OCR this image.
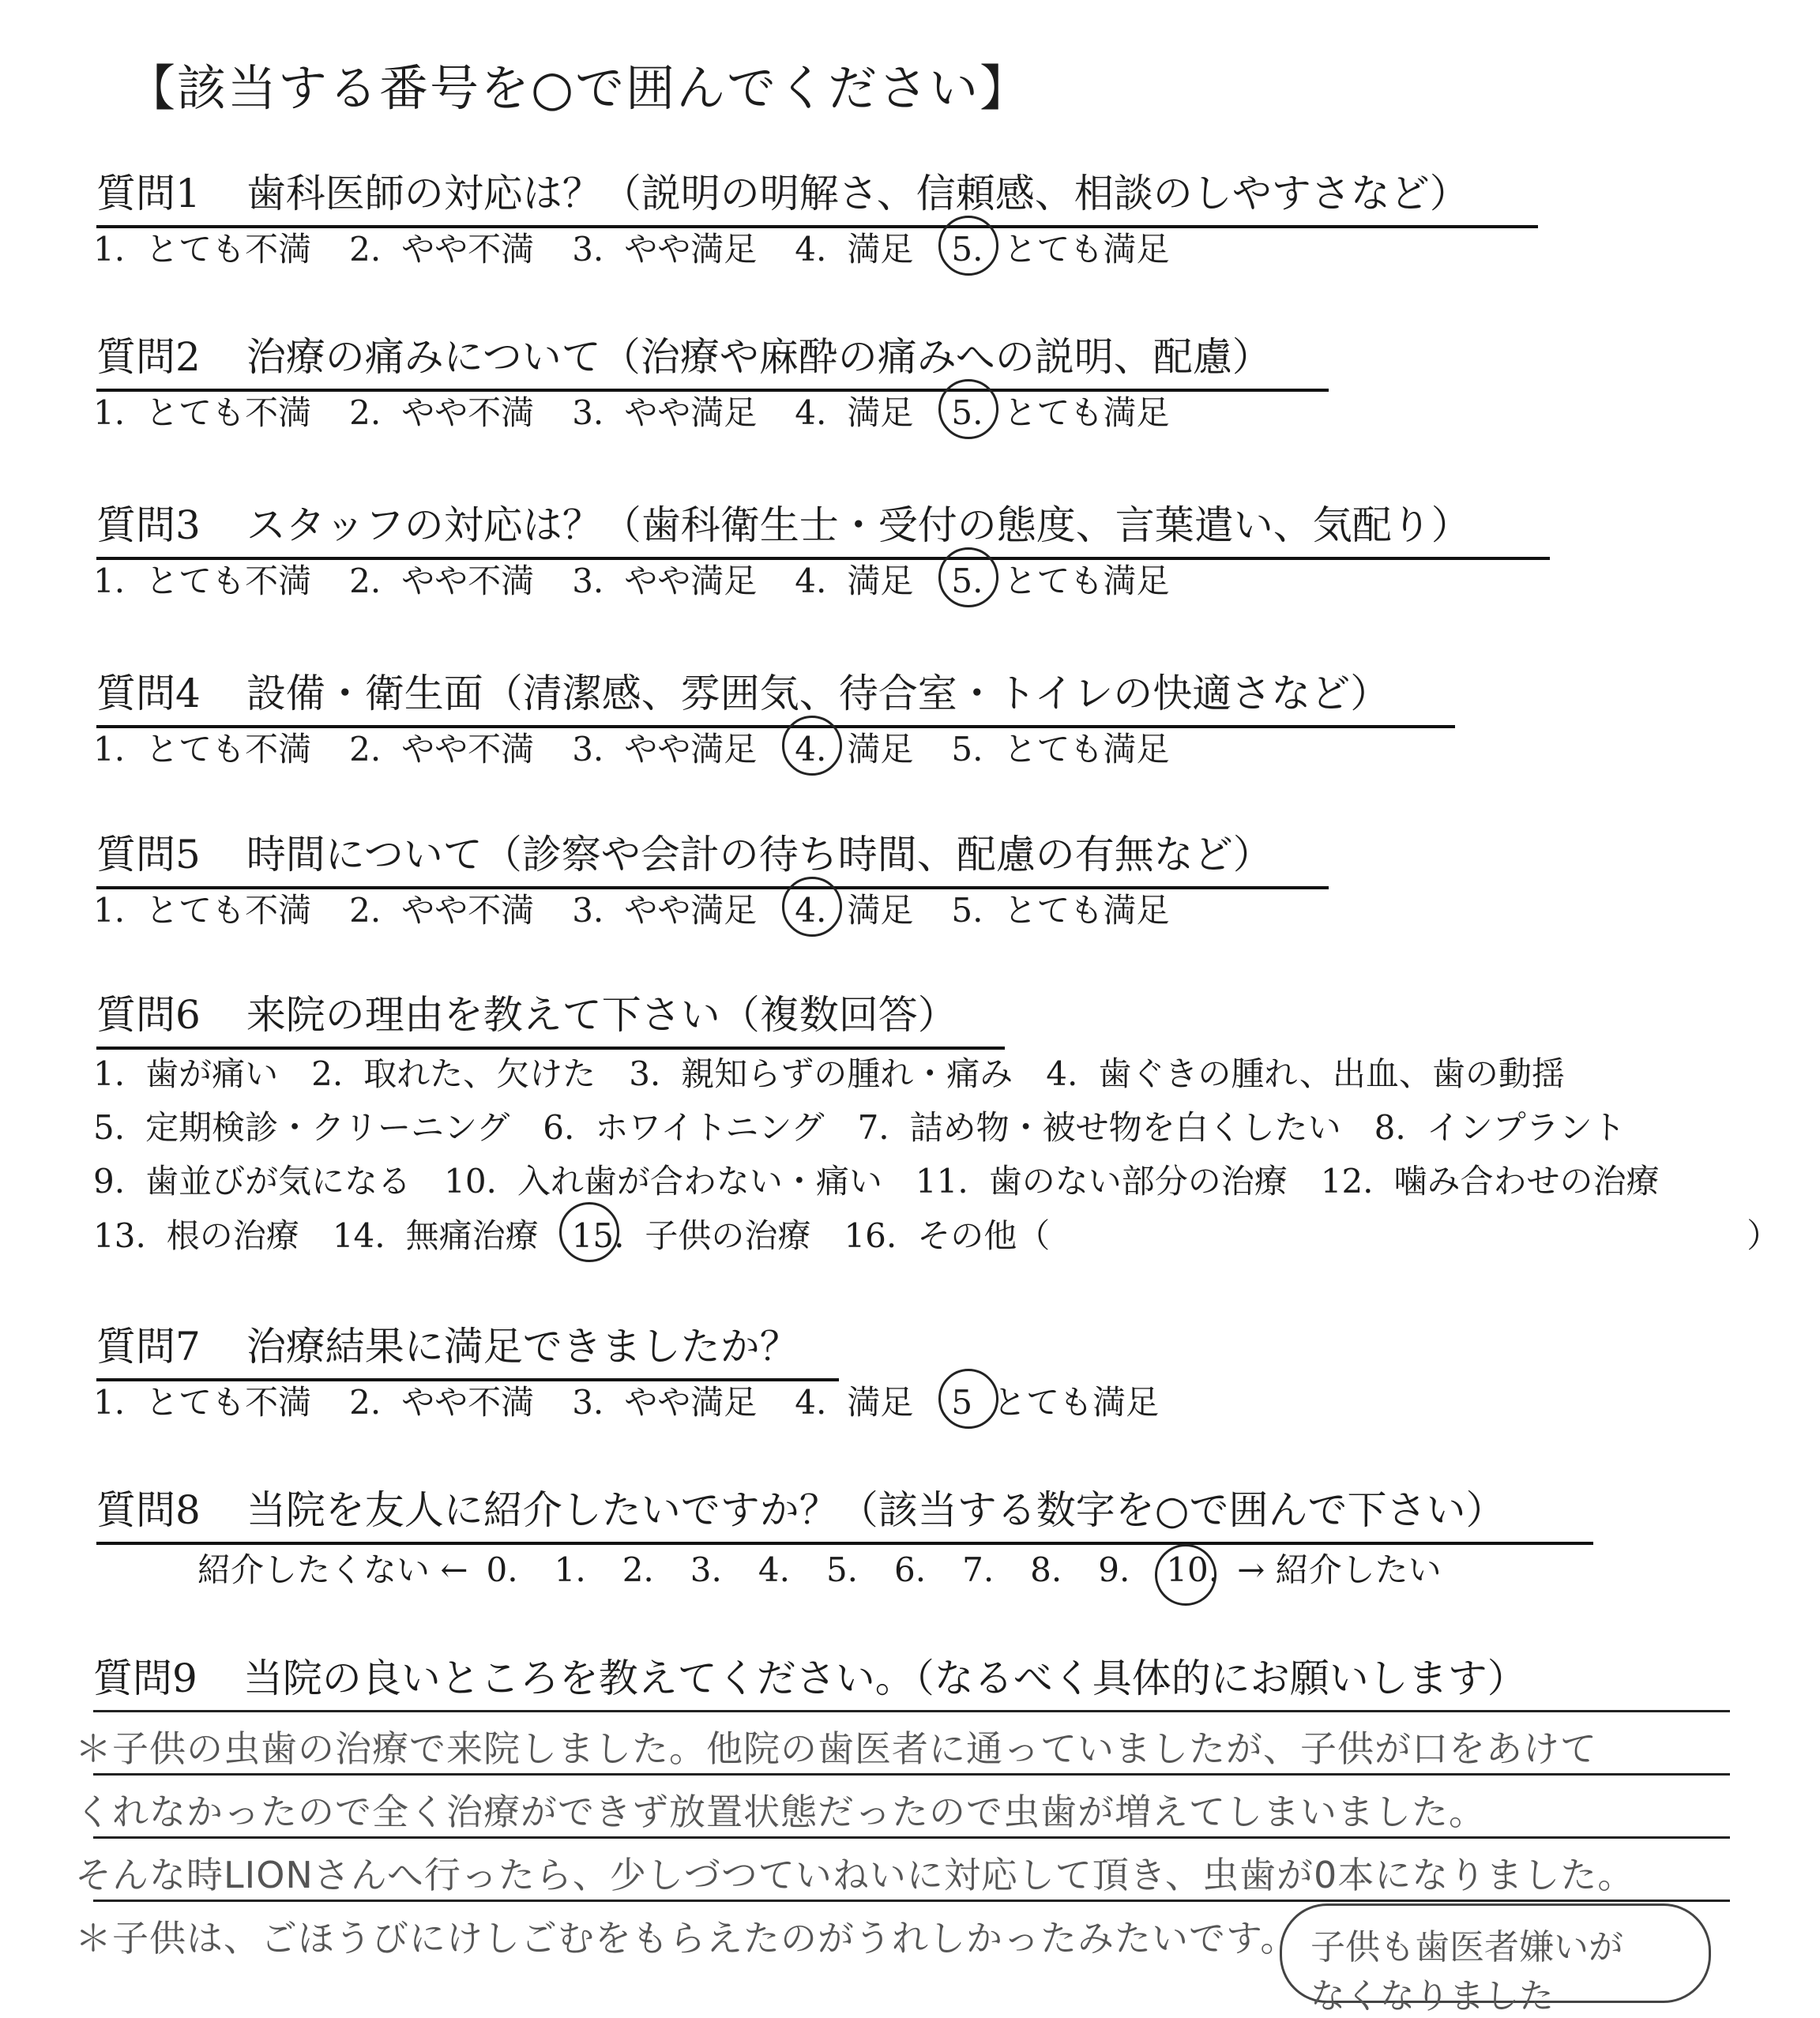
【該当する番号を○で囲んでください】
質問1 歯科医師の対応は？（説明の明解さ、信頼感、相談のしやすさなど）
1. とても不満 2. やや不満 3. やや満足 4. 満足 5. とても満足
質問2 治療の痛みについて（治療や麻酔の痛みへの説明、配慮）
1. とても不満 2. やや不満 3. やや満足 4. 満足 5. とても満足
質問3 スタッフの対応は？（歯科衛生士・受付の態度、言葉遣い、気配り）
1. とても不満 2. やや不満 3. やや満足 4. 満足 5. とても満足
質問4 設備・衛生面（清潔感、雰囲気、待合室・トイレの快適さなど）
1. とても不満 2. やや不満 3. やや満足 4. 満足 5. とても満足
質問5 時間について（診察や会計の待ち時間、配慮の有無など）
1. とても不満 2. やや不満 3. やや満足 4. 満足 5. とても満足
質問6 来院の理由を教えて下さい（複数回答）
1. 歯が痛い 2. 取れた、欠けた 3. 親知らずの腫れ・痛み 4. 歯ぐきの腫れ、出血、歯の動揺
5. 定期検診・クリーニング 6. ホワイトニング 7. 詰め物・被せ物を白くしたい 8. インプラント
9. 歯並びが気になる 10. 入れ歯が合わない・痛い 11. 歯のない部分の治療 12. 噛み合わせの治療
13. 根の治療 14. 無痛治療 15. 子供の治療 16. その他（　　　　　　　　　　　　　　　　　　　　　）
質問7 治療結果に満足できましたか？
1. とても不満 2. やや不満 3. やや満足 4. 満足 5 とても満足
質問8 当院を友人に紹介したいですか？（該当する数字を○で囲んで下さい）
紹介したくない ← 0. 1. 2. 3. 4. 5. 6. 7. 8. 9. 10. → 紹介したい
質問9 当院の良いところを教えてください。（なるべく具体的にお願いします）
＊子供の虫歯の治療で来院しました。他院の歯医者に通っていましたが、子供が口をあけて
くれなかったので全く治療ができず放置状態だったので虫歯が増えてしまいました。
そんな時LIONさんへ行ったら、少しづつていねいに対応して頂き、虫歯が0本になりました。
＊子供は、ごほうびにけしごむをもらえたのがうれしかったみたいです。 子供も歯医者嫌いが
なくなりました
